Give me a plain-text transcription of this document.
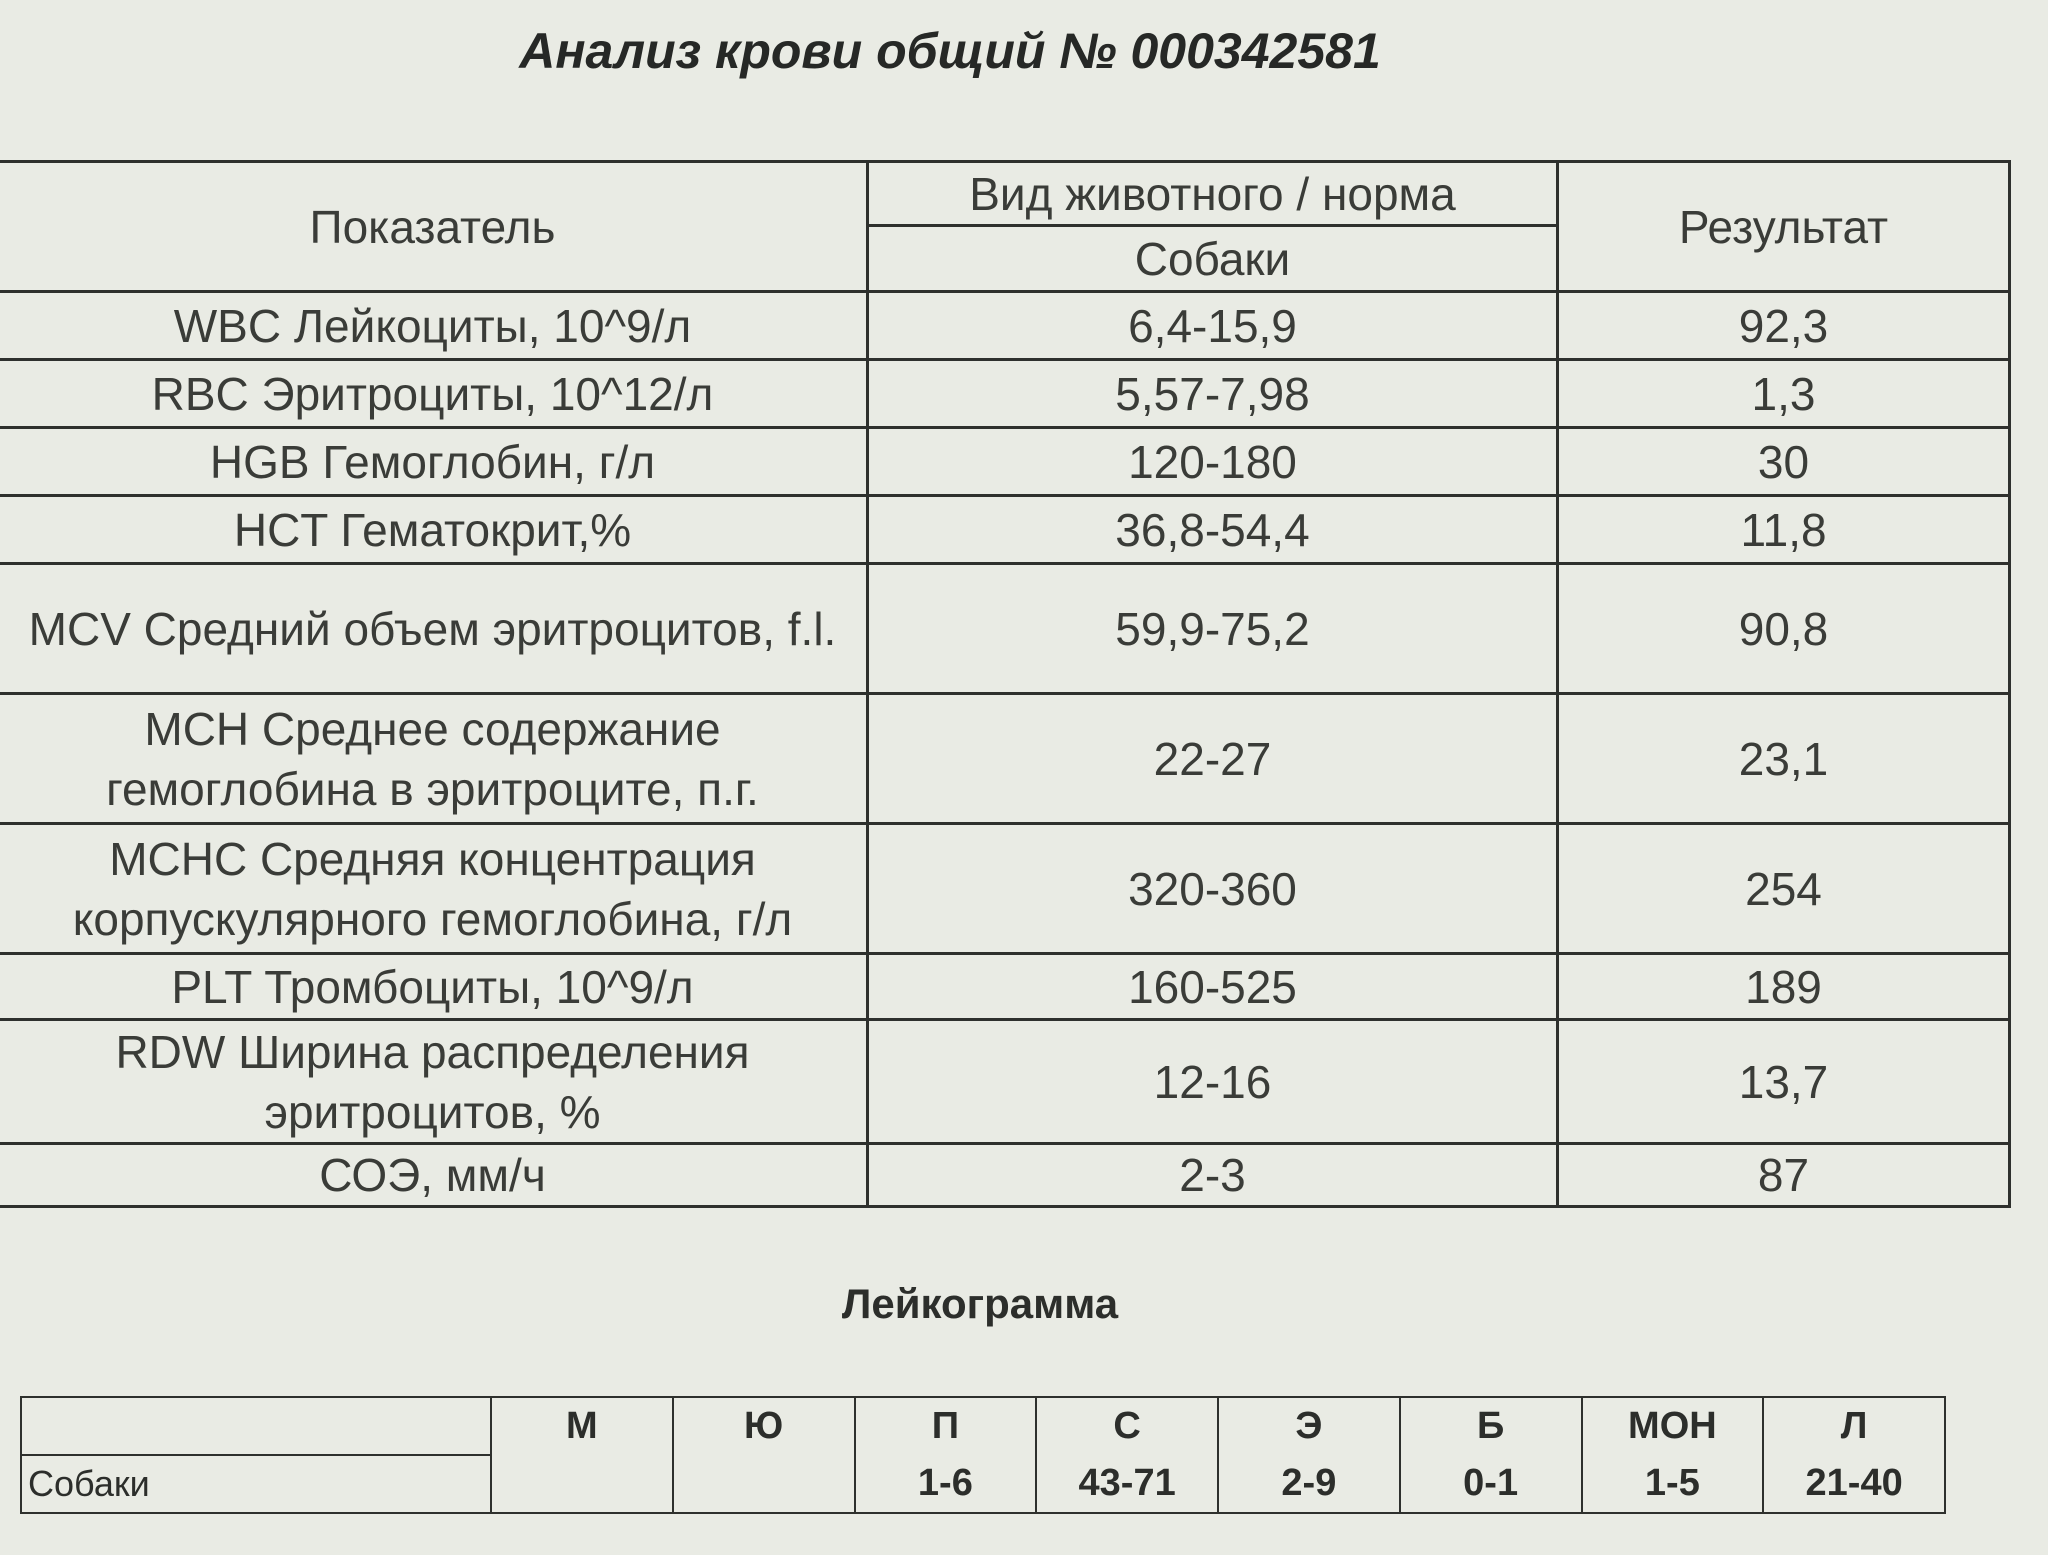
Анализ крови общий № 000342581
Показатель	Вид животного / норма	Результат
	Собаки	
WBC Лейкоциты, 10^9/л	6,4-15,9	92,3
RBC Эритроциты, 10^12/л	5,57-7,98	1,3
HGB Гемоглобин, г/л	120-180	30
HCT Гематокрит,%	36,8-54,4	11,8
MCV Средний объем эритроцитов, f.l.	59,9-75,2	90,8
MCH Среднее содержание гемоглобина в эритроците, п.г.	22-27	23,1
MCHC Средняя концентрация корпускулярного гемоглобина, г/л	320-360	254
PLT Тромбоциты, 10^9/л	160-525	189
RDW Ширина распределения эритроцитов, %	12-16	13,7
СОЭ, мм/ч	2-3	87
Лейкограмма
	М	Ю	П	С	Э	Б	МОН	Л
Собаки			1-6	43-71	2-9	0-1	1-5	21-40
